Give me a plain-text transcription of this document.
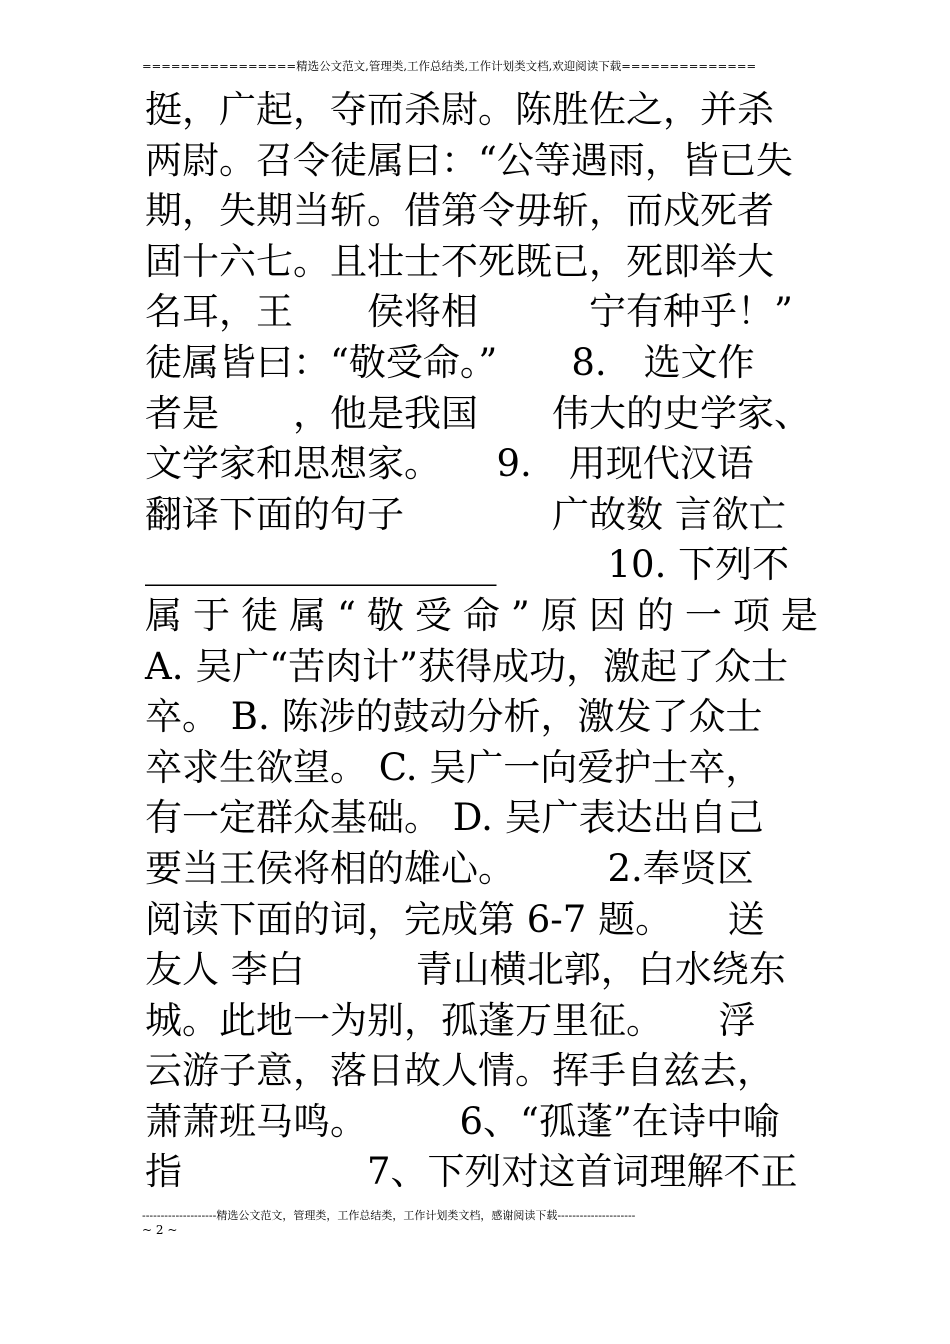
================精选公文范文,管理类,工作总结类,工作计划类文档,欢迎阅读下载==============
挺，广起，夺而杀尉。陈胜佐之，并杀
两尉。召令徒属曰：“公等遇雨，皆已失
期，失期当斩。借第令毋斩，而戍死者
固十六七。且壮士不死既已，死即举大
名耳，王　　侯将相　　　宁有种乎！”
徒属皆曰：“敬受命。”　　8.　选文作
者是　　，他是我国　　伟大的史学家、
文学家和思想家。　　9.　用现代汉语
翻译下面的句子　　　　广故数 言欲亡
___________________　　　10. 下列不
属于徒属“敬受命”原因的一项是
A. 吴广“苦肉计”获得成功，激起了众士
卒。 B. 陈涉的鼓动分析，激发了众士
卒求生欲望。 C. 吴广一向爱护士卒，
有一定群众基础。 D. 吴广表达出自己
要当王侯将相的雄心。　　　2.奉贤区
阅读下面的词，完成第 6-7 题。　　送
友人 李白　　　青山横北郭，白水绕东
城。此地一为别，孤蓬万里征。　　浮
云游子意，落日故人情。挥手自兹去，
萧萧班马鸣。　　　6、“孤蓬”在诗中喻
指　　　　　7、下列对这首词理解不正
--------------------精选公文范文，管理类，工作总结类，工作计划类文档，感谢阅读下载---------------------
~ 2 ~
